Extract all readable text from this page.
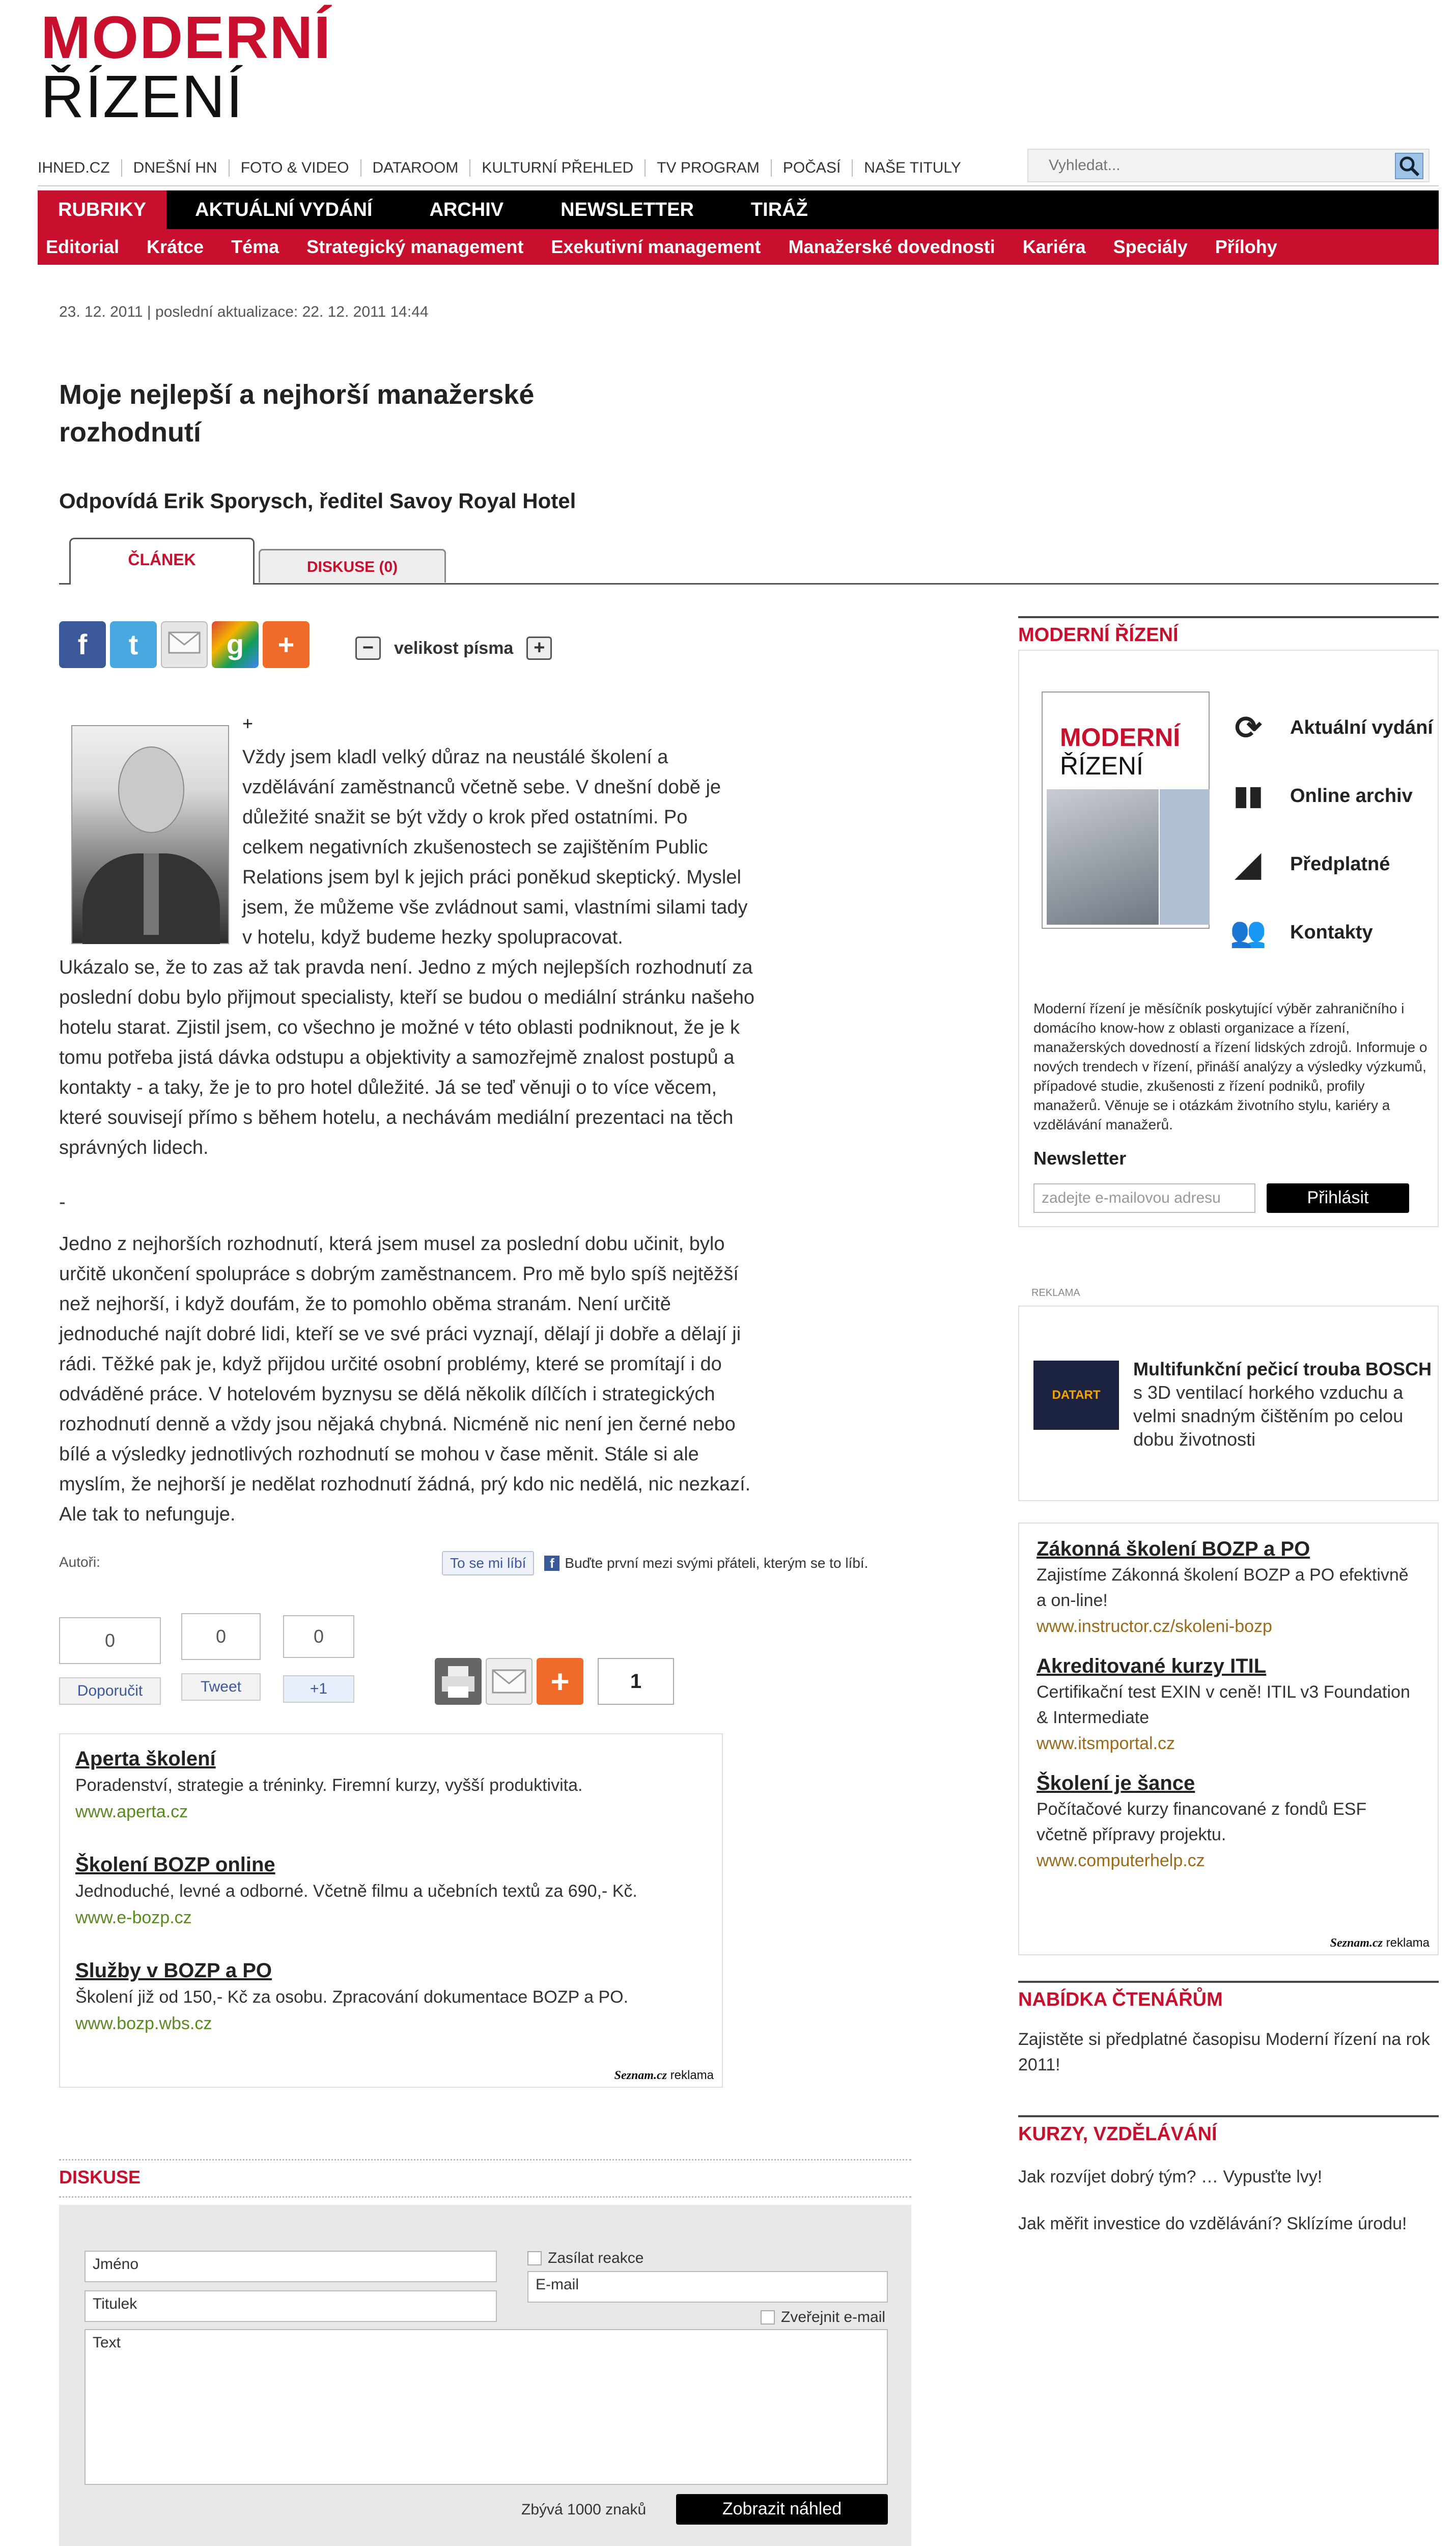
MODERNÍ
ŘÍZENÍ
IHNED.CZ	DNEŠNÍ HN	FOTO & VIDEO	DATAROOM	KULTURNÍ PŘEHLED	TV PROGRAM	POČASÍ	NAŠE TITULY
Vyhledat...
RUBRIKY	AKTUÁLNÍ VYDÁNÍ	ARCHIV	NEWSLETTER	TIRÁŽ
Editorial	Krátce	Téma	Strategický management	Exekutivní management	Manažerské dovednosti	Kariéra	Speciály	Přílohy
23. 12. 2011 | poslední aktualizace: 22. 12. 2011 14:44
Moje nejlepší a nejhorší manažerské rozhodnutí
Odpovídá Erik Sporysch, ředitel Savoy Royal Hotel
ČLÁNEK	DISKUSE (0)
f	t	g	+	−	velikost písma	+
+
Vždy jsem kladl velký důraz na neustálé školení a vzdělávání zaměstnanců včetně sebe. V dnešní době je důležité snažit se být vždy o krok před ostatními. Po celkem negativních zkušenostech se zajištěním Public Relations jsem byl k jejich práci poněkud skeptický. Myslel jsem, že můžeme vše zvládnout sami, vlastními silami tady v hotelu, když budeme hezky spolupracovat.
Ukázalo se, že to zas až tak pravda není. Jedno z mých nejlepších rozhodnutí za poslední dobu bylo přijmout specialisty, kteří se budou o mediální stránku našeho hotelu starat. Zjistil jsem, co všechno je možné v této oblasti podniknout, že je k tomu potřeba jistá dávka odstupu a objektivity a samozřejmě znalost postupů a kontakty - a taky, že je to pro hotel důležité. Já se teď věnuji o to více věcem, které souvisejí přímo s během hotelu, a nechávám mediální prezentaci na těch správných lidech.
-
Jedno z nejhorších rozhodnutí, která jsem musel za poslední dobu učinit, bylo určitě ukončení spolupráce s dobrým zaměstnancem. Pro mě bylo spíš nejtěžší než nejhorší, i když doufám, že to pomohlo oběma stranám. Není určitě jednoduché najít dobré lidi, kteří se ve své práci vyznají, dělají ji dobře a dělají ji rádi. Těžké pak je, když přijdou určité osobní problémy, které se promítají i do odváděné práce. V hotelovém byznysu se dělá několik dílčích i strategických rozhodnutí denně a vždy jsou nějaká chybná. Nicméně nic není jen černé nebo bílé a výsledky jednotlivých rozhodnutí se mohou v čase měnit. Stále si ale myslím, že nejhorší je nedělat rozhodnutí žádná, prý kdo nic nedělá, nic nezkazí. Ale tak to nefunguje.
Autoři:	To se mi líbí	f Buďte první mezi svými přáteli, kterým se to líbí.
0
Doporučit
0
Tweet
0
+1	+	1
Aperta školení
Poradenství, strategie a tréninky. Firemní kurzy, vyšší produktivita.
www.aperta.cz
Školení BOZP online
Jednoduché, levné a odborné. Včetně filmu a učebních textů za 690,- Kč.
www.e-bozp.cz
Služby v BOZP a PO
Školení již od 150,- Kč za osobu. Zpracování dokumentace BOZP a PO.
www.bozp.wbs.cz
Seznam.cz reklama
DISKUSE
Jméno
Titulek
Zasílat reakce
E-mail
Zveřejnit e-mail
Text
Zbývá 1000 znaků	Zobrazit náhled
MODERNÍ ŘÍZENÍ
MODERNÍ
ŘÍZENÍ
⟳	Aktuální vydání
▮▮ Online archiv
◢	Předplatné
👥 Kontakty
Moderní řízení je měsíčník poskytující výběr zahraničního i domácího know-how z oblasti organizace a řízení, manažerských dovedností a řízení lidských zdrojů. Informuje o nových trendech v řízení, přináší analýzy a výsledky výzkumů, případové studie, zkušenosti z řízení podniků, profily manažerů. Věnuje se i otázkám životního stylu, kariéry a vzdělávání manažerů.
Newsletter
zadejte e-mailovou adresu	Přihlásit
REKLAMA
DATART
Multifunkční pečicí trouba BOSCH s 3D ventilací horkého vzduchu a velmi snadným čištěním po celou dobu životnosti
Zákonná školení BOZP a PO
Zajistíme Zákonná školení BOZP a PO efektivně a on-line!
www.instructor.cz/skoleni-bozp
Akreditované kurzy ITIL
Certifikační test EXIN v ceně! ITIL v3 Foundation & Intermediate
www.itsmportal.cz
Školení je šance
Počítačové kurzy financované z fondů ESF včetně přípravy projektu.
www.computerhelp.cz
Seznam.cz reklama
NABÍDKA ČTENÁŘŮM
Zajistěte si předplatné časopisu Moderní řízení na rok 2011!
KURZY, VZDĚLÁVÁNÍ
Jak rozvíjet dobrý tým? … Vypusťte lvy!
Jak měřit investice do vzdělávání? Sklízíme úrodu!
